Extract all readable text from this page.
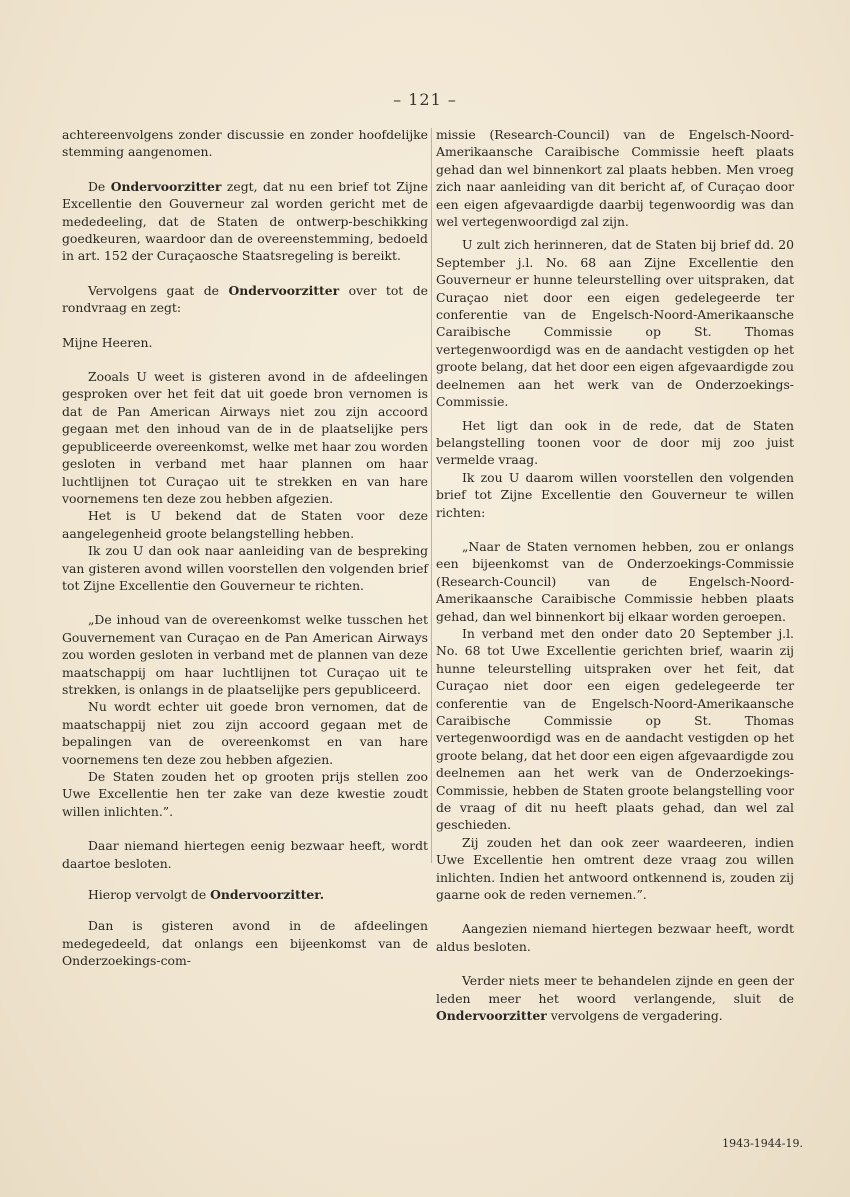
– 121 –

achtereenvolgens zonder discussie en zonder hoofdelijke stemming aangenomen.

De Ondervoorzitter zegt, dat nu een brief tot Zijne Excellentie den Gouverneur zal worden gericht met de mededeeling, dat de Staten de ontwerp-beschikking goedkeuren, waardoor dan de overeenstemming, bedoeld in art. 152 der Curaçaosche Staatsregeling is bereikt.

Vervolgens gaat de Ondervoorzitter over tot de rondvraag en zegt:

Mijne Heeren.

Zooals U weet is gisteren avond in de afdeelingen gesproken over het feit dat uit goede bron vernomen is dat de Pan American Airways niet zou zijn accoord gegaan met den inhoud van de in de plaatselijke pers gepubliceerde overeenkomst, welke met haar zou worden gesloten in verband met haar plannen om haar luchtlijnen tot Curaçao uit te strekken en van hare voornemens ten deze zou hebben afgezien.

Het is U bekend dat de Staten voor deze aangelegenheid groote belangstelling hebben.

Ik zou U dan ook naar aanleiding van de bespreking van gisteren avond willen voorstellen den volgenden brief tot Zijne Excellentie den Gouverneur te richten.

„De inhoud van de overeenkomst welke tusschen het Gouvernement van Curaçao en de Pan American Airways zou worden gesloten in verband met de plannen van deze maatschappij om haar luchtlijnen tot Curaçao uit te strekken, is onlangs in de plaatselijke pers gepubliceerd.

Nu wordt echter uit goede bron vernomen, dat de maatschappij niet zou zijn accoord gegaan met de bepalingen van de overeenkomst en van hare voornemens ten deze zou hebben afgezien.

De Staten zouden het op grooten prijs stellen zoo Uwe Excellentie hen ter zake van deze kwestie zoudt willen inlichten.”.

Daar niemand hiertegen eenig bezwaar heeft, wordt daartoe besloten.

Hierop vervolgt de Ondervoorzitter.

Dan is gisteren avond in de afdeelingen medegedeeld, dat onlangs een bijeenkomst van de Onderzoekings-com-

missie (Research-Council) van de Engelsch-Noord-Amerikaansche Caraibische Commissie heeft plaats gehad dan wel binnenkort zal plaats hebben. Men vroeg zich naar aanleiding van dit bericht af, of Curaçao door een eigen afgevaardigde daarbij tegenwoordig was dan wel vertegenwoordigd zal zijn.

U zult zich herinneren, dat de Staten bij brief dd. 20 September j.l. No. 68 aan Zijne Excellentie den Gouverneur er hunne teleurstelling over uitspraken, dat Curaçao niet door een eigen gedelegeerde ter conferentie van de Engelsch-Noord-Amerikaansche Caraibische Commissie op St. Thomas vertegenwoordigd was en de aandacht vestigden op het groote belang, dat het door een eigen afgevaardigde zou deelnemen aan het werk van de Onderzoekings-Commissie.

Het ligt dan ook in de rede, dat de Staten belangstelling toonen voor de door mij zoo juist vermelde vraag.

Ik zou U daarom willen voorstellen den volgenden brief tot Zijne Excellentie den Gouverneur te willen richten:

„Naar de Staten vernomen hebben, zou er onlangs een bijeenkomst van de Onderzoekings-Commissie (Research-Council) van de Engelsch-Noord-Amerikaansche Caraibische Commissie hebben plaats gehad, dan wel binnenkort bij elkaar worden geroepen.

In verband met den onder dato 20 September j.l. No. 68 tot Uwe Excellentie gerichten brief, waarin zij hunne teleurstelling uitspraken over het feit, dat Curaçao niet door een eigen gedelegeerde ter conferentie van de Engelsch-Noord-Amerikaansche Caraibische Commissie op St. Thomas vertegenwoordigd was en de aandacht vestigden op het groote belang, dat het door een eigen afgevaardigde zou deelnemen aan het werk van de Onderzoekings-Commissie, hebben de Staten groote belangstelling voor de vraag of dit nu heeft plaats gehad, dan wel zal geschieden.

Zij zouden het dan ook zeer waardeeren, indien Uwe Excellentie hen omtrent deze vraag zou willen inlichten. Indien het antwoord ontkennend is, zouden zij gaarne ook de reden vernemen.”.

Aangezien niemand hiertegen bezwaar heeft, wordt aldus besloten.

Verder niets meer te behandelen zijnde en geen der leden meer het woord verlangende, sluit de Ondervoorzitter vervolgens de vergadering.

1943-1944-19.
